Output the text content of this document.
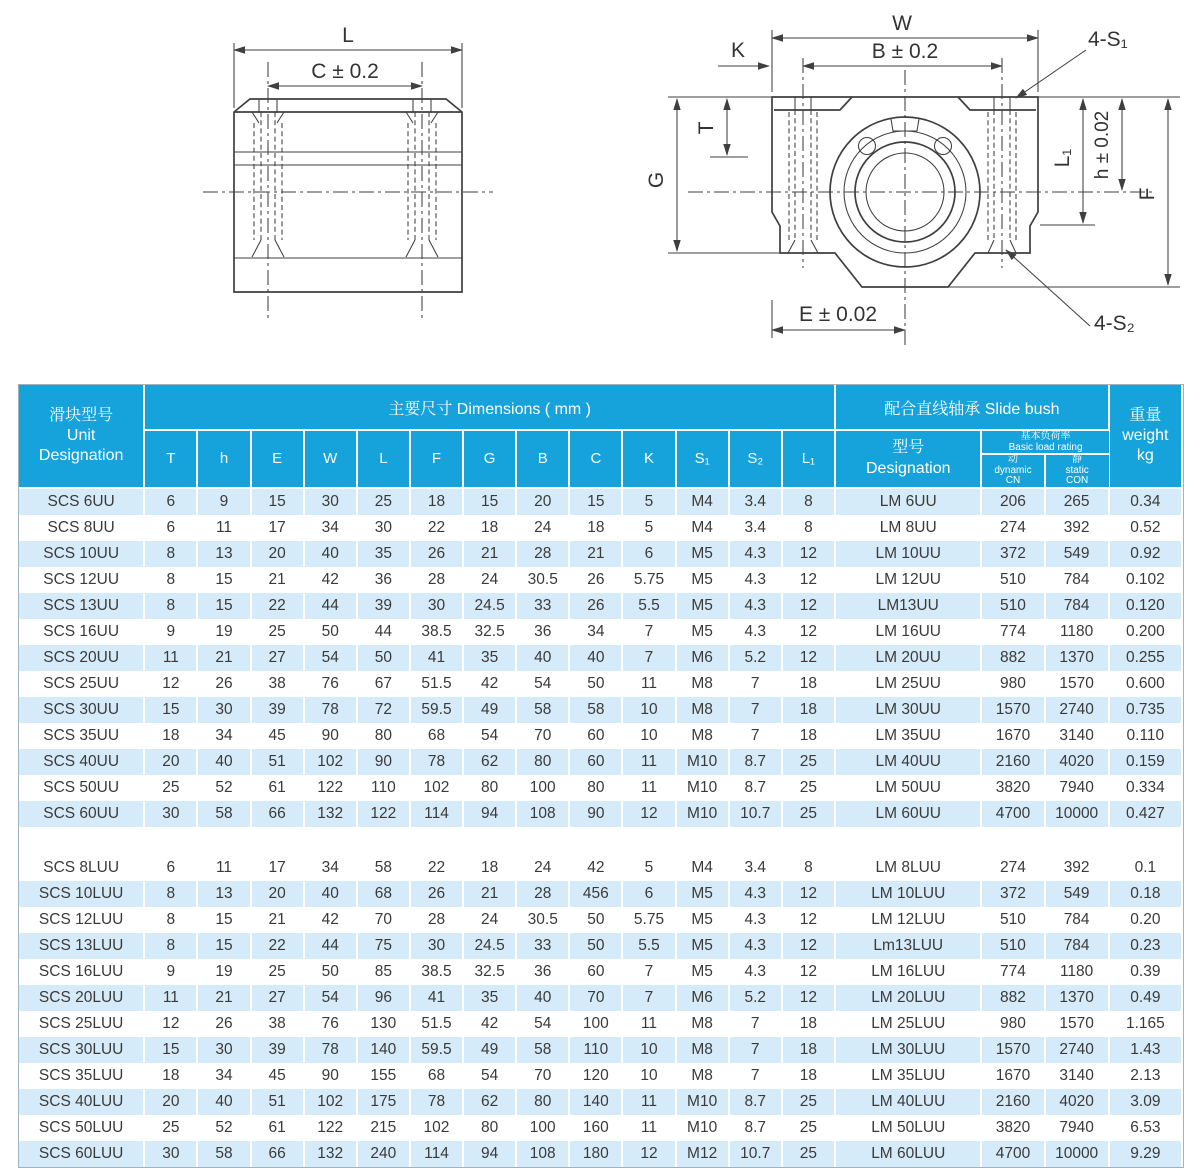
L
C ± 0.2
W
B ± 0.2
K	4-S₁
T
G
L₁ h ± 0.02
F
E ± 0.02	4-S₂
滑块型号
Unit
Designation
	主要尺寸 Dimensions ( mm )	配合直线轴承 Slide bush	重量
weight
kg

T	h	E	W	L	F	G	B	C	K	S₁	S₂	L₁	
型号
Designation

基本负荷率
Basic load rating

动
dynamic
CN

静
static
CON

SCS 6UU	6	9	15	30	25	18	15	20	15	5	M4	3.4	8	LM 6UU	206	265	0.34
SCS 8UU	6	11	17	34	30	22	18	24	18	5	M4	3.4	8	LM 8UU	274	392	0.52
SCS 10UU	8	13	20	40	35	26	21	28	21	6	M5	4.3	12	LM 10UU	372	549	0.92
SCS 12UU	8	15	21	42	36	28	24	30.5	26	5.75	M5	4.3	12	LM 12UU	510	784	0.102
SCS 13UU	8	15	22	44	39	30	24.5	33	26	5.5	M5	4.3	12	LM13UU	510	784	0.120
SCS 16UU	9	19	25	50	44	38.5	32.5	36	34	7	M5	4.3	12	LM 16UU	774	1180	0.200
SCS 20UU	11	21	27	54	50	41	35	40	40	7	M6	5.2	12	LM 20UU	882	1370	0.255
SCS 25UU	12	26	38	76	67	51.5	42	54	50	11	M8	7	18	LM 25UU	980	1570	0.600
SCS 30UU	15	30	39	78	72	59.5	49	58	58	10	M8	7	18	LM 30UU	1570	2740	0.735
SCS 35UU	18	34	45	90	80	68	54	70	60	10	M8	7	18	LM 35UU	1670	3140	0.110
SCS 40UU	20	40	51	102	90	78	62	80	60	11	M10	8.7	25	LM 40UU	2160	4020	0.159
SCS 50UU	25	52	61	122	110	102	80	100	80	11	M10	8.7	25	LM 50UU	3820	7940	0.334
SCS 60UU	30	58	66	132	122	114	94	108	90	12	M10	10.7	25	LM 60UU	4700	10000	0.427

SCS 8LUU	6	11	17	34	58	22	18	24	42	5	M4	3.4	8	LM 8LUU	274	392	0.1
SCS 10LUU	8	13	20	40	68	26	21	28	456	6	M5	4.3	12	LM 10LUU	372	549	0.18
SCS 12LUU	8	15	21	42	70	28	24	30.5	50	5.75	M5	4.3	12	LM 12LUU	510	784	0.20
SCS 13LUU	8	15	22	44	75	30	24.5	33	50	5.5	M5	4.3	12	Lm13LUU	510	784	0.23
SCS 16LUU	9	19	25	50	85	38.5	32.5	36	60	7	M5	4.3	12	LM 16LUU	774	1180	0.39
SCS 20LUU	11	21	27	54	96	41	35	40	70	7	M6	5.2	12	LM 20LUU	882	1370	0.49
SCS 25LUU	12	26	38	76	130	51.5	42	54	100	11	M8	7	18	LM 25LUU	980	1570	1.165
SCS 30LUU	15	30	39	78	140	59.5	49	58	110	10	M8	7	18	LM 30LUU	1570	2740	1.43
SCS 35LUU	18	34	45	90	155	68	54	70	120	10	M8	7	18	LM 35LUU	1670	3140	2.13
SCS 40LUU	20	40	51	102	175	78	62	80	140	11	M10	8.7	25	LM 40LUU	2160	4020	3.09
SCS 50LUU	25	52	61	122	215	102	80	100	160	11	M10	8.7	25	LM 50LUU	3820	7940	6.53
SCS 60LUU	30	58	66	132	240	114	94	108	180	12	M12	10.7	25	LM 60LUU	4700	10000	9.29
